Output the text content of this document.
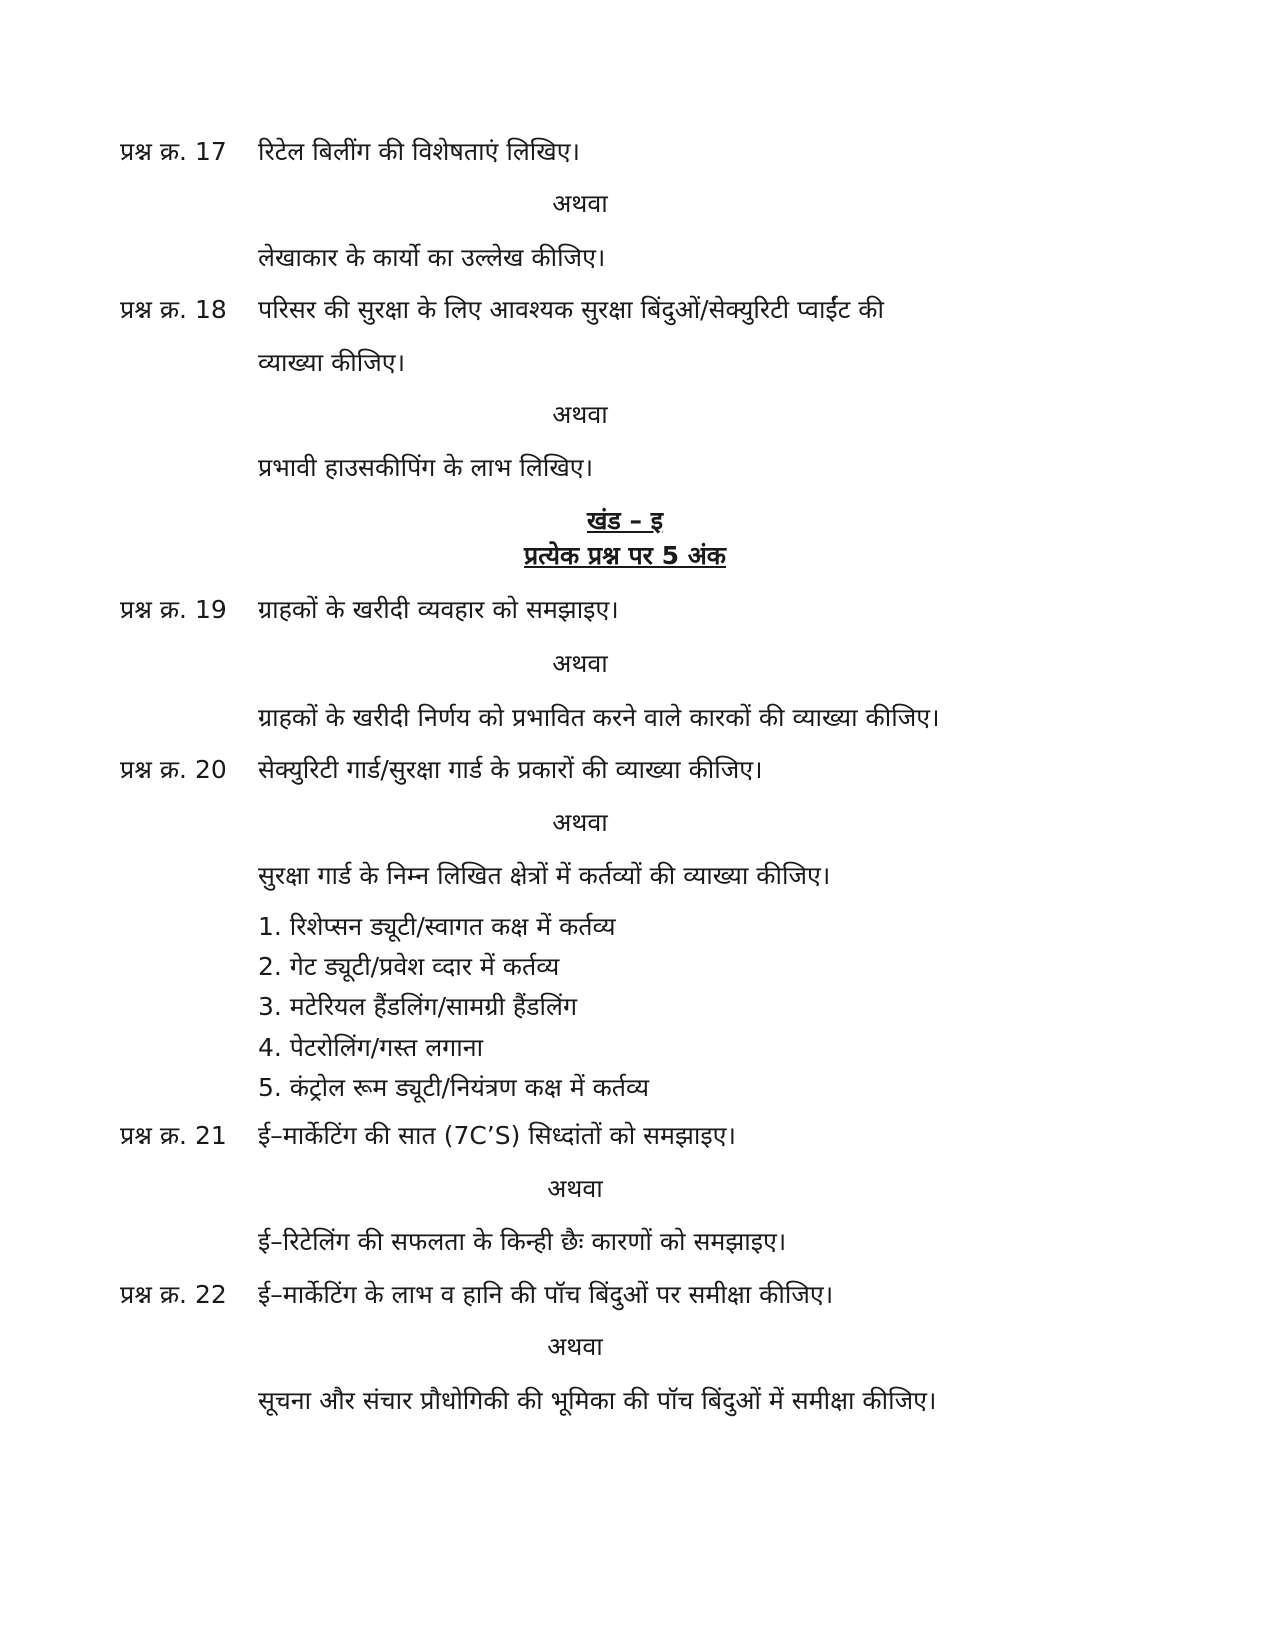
प्रश्न क्र. 17 रिटेल बिलींग की विशेषताएं लिखिए।
अथवा
लेखाकार के कार्यो का उल्लेख कीजिए।
प्रश्न क्र. 18 परिसर की सुरक्षा के लिए आवश्यक सुरक्षा बिंदुओं/सेक्युरिटी प्वाईंट की
व्याख्या कीजिए।
अथवा
प्रभावी हाउसकीपिंग के लाभ लिखिए।
खंड – इ
प्रत्येक प्रश्न पर 5 अंक
प्रश्न क्र. 19 ग्राहकों के खरीदी व्यवहार को समझाइए।
अथवा
ग्राहकों के खरीदी निर्णय को प्रभावित करने वाले कारकों की व्याख्या कीजिए।
प्रश्न क्र. 20 सेक्युरिटी गार्ड/सुरक्षा गार्ड के प्रकारों की व्याख्या कीजिए।
अथवा
सुरक्षा गार्ड के निम्न लिखित क्षेत्रों में कर्तव्यों की व्याख्या कीजिए।
1. रिशेप्सन ड्यूटी/स्वागत कक्ष में कर्तव्य
2. गेट ड्यूटी/प्रवेश व्दार में कर्तव्य
3. मटेरियल हैंडलिंग/सामग्री हैंडलिंग
4. पेटरोलिंग/गस्त लगाना
5. कंट्रोल रूम ड्यूटी/नियंत्रण कक्ष में कर्तव्य
प्रश्न क्र. 21 ई–मार्केटिंग की सात (7C’S) सिध्दांतों को समझाइए।
अथवा
ई–रिटेलिंग की सफलता के किन्ही छैः कारणों को समझाइए।
प्रश्न क्र. 22 ई–मार्केटिंग के लाभ व हानि की पॉच बिंदुओं पर समीक्षा कीजिए।
अथवा
सूचना और संचार प्रौधोगिकी की भूमिका की पॉच बिंदुओं में समीक्षा कीजिए।
